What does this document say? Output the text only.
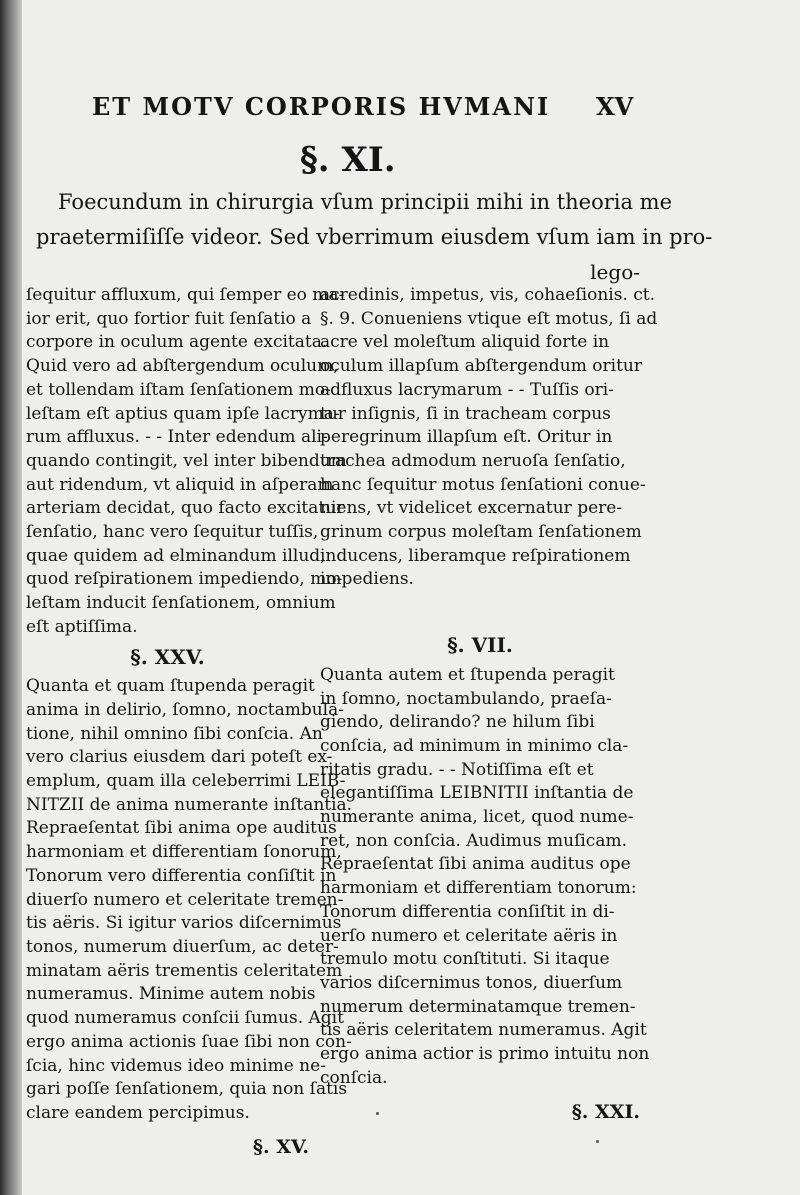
ET MOTV CORPORIS HVMANI XV
§. XI.

Foecundum in chirurgia vſum principii mihi in theoria me

praetermiſiſſe videor. Sed vberrimum eiusdem vſum iam in pro-

lego-

ſequitur affluxum, qui ſemper eo ma-

ior erit, quo fortior fuit ſenſatio a

corpore in oculum agente excitata.

Quid vero ad abſtergendum oculum,

et tollendam iſtam ſenſationem mo-

leſtam eſt aptius quam ipſe lacryma-

rum affluxus. - - Inter edendum ali-

quando contingit, vel inter bibendum

aut ridendum, vt aliquid in aſperam

arteriam decidat, quo facto excitatur

ſenſatio, hanc vero ſequitur tuſſis,

quae quidem ad elminandum illud,

quod reſpirationem impediendo, mo-

leſtam inducit ſenſationem, omnium

eſt aptiſſima.

§. XXV.

Quanta et quam ſtupenda peragit

anima in delirio, ſomno, noctambula-

tione, nihil omnino ſibi conſcia. An

vero clarius eiusdem dari poteſt ex-

emplum, quam illa celeberrimi LEIB-

NITZII de anima numerante inſtantia.

Repraeſentat ſibi anima ope auditus

harmoniam et differentiam ſonorum,

Tonorum vero differentia conſiſtit in

diuerſo numero et celeritate tremen-

tis aëris. Si igitur varios diſcernimus

tonos, numerum diuerſum, ac deter-

minatam aëris trementis celeritatem

numeramus. Minime autem nobis

quod numeramus conſcii ſumus. Agit

ergo anima actionis ſuae ſibi non con-

ſcia, hinc videmus ideo minime ne-

gari poſſe ſenſationem, quia non ſatis

clare eandem percipimus.

§. XV.

acredinis, impetus, vis, cohaeſionis. ct.

§. 9. Conueniens vtique eſt motus, ſi ad

acre vel moleſtum aliquid forte in

oculum illapſum abſtergendum oritur

adfluxus lacrymarum - - Tuſſis ori-

tur inſignis, ſi in tracheam corpus

peregrinum illapſum eſt. Oritur in

trachea admodum neruoſa ſenſatio,

hanc ſequitur motus ſenſationi conue-

niens, vt videlicet excernatur pere-

grinum corpus moleſtam ſenſationem

inducens, liberamque reſpirationem

impediens.

§. VII.

Quanta autem et ſtupenda peragit

in ſomno, noctambulando, praeſa-

giendo, delirando? ne hilum ſibi

conſcia, ad minimum in minimo cla-

ritatis gradu. - - Notiſſima eſt et

elegantiſſima LEIBNITII inſtantia de

numerante anima, licet, quod nume-

ret, non conſcia. Audimus muſicam.

Repraeſentat ſibi anima auditus ope

harmoniam et differentiam tonorum:

Tonorum differentia conſiſtit in di-

uerſo numero et celeritate aëris in

tremulo motu conſtituti. Si itaque

varios diſcernimus tonos, diuerſum

numerum determinatamque tremen-

tis aëris celeritatem numeramus. Agit

ergo anima actior is primo intuitu non

conſcia.

§. XXI.
